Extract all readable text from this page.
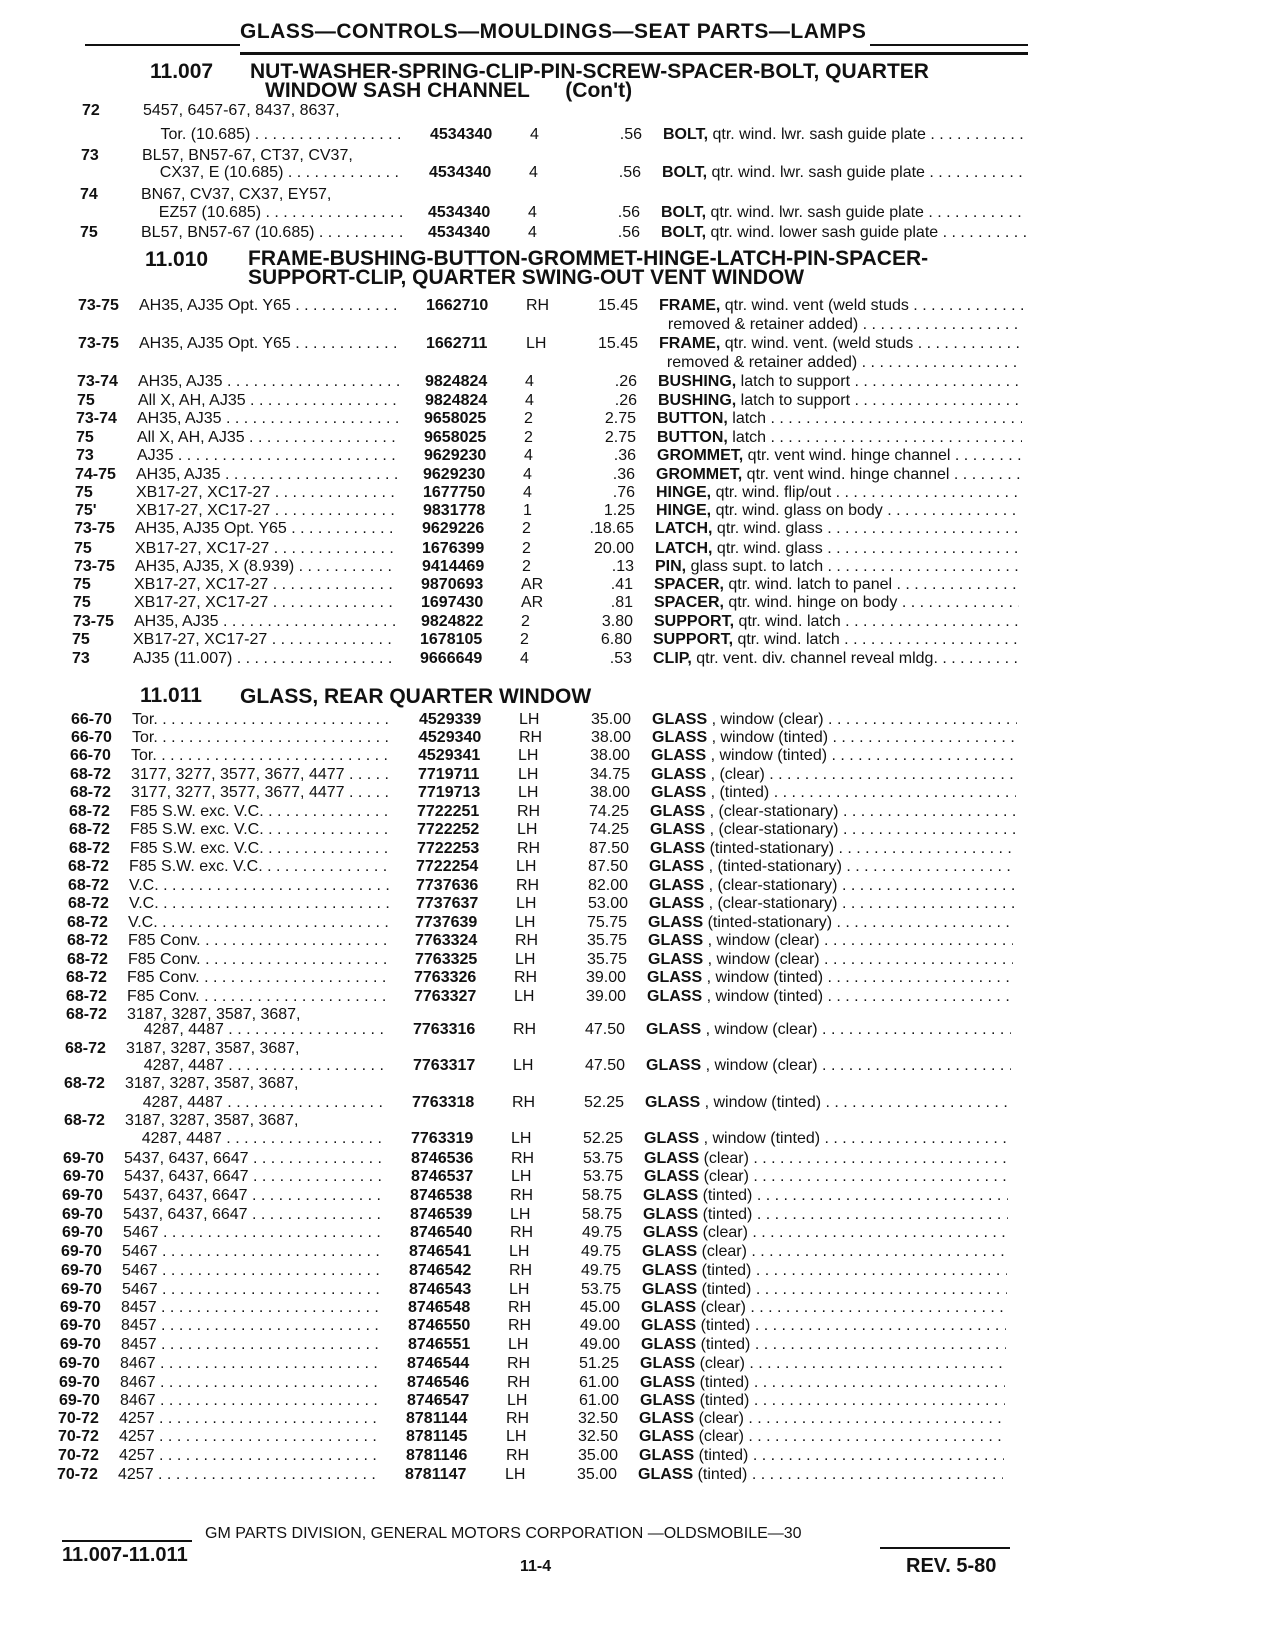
GLASS—CONTROLS—MOULDINGS—SEAT PARTS—LAMPS
11.007 NUT-WASHER-SPRING-CLIP-PIN-SCREW-SPACER-BOLT, QUARTER
WINDOW SASH CHANNEL (Con't)
11.010 FRAME-BUSHING-BUTTON-GROMMET-HINGE-LATCH-PIN-SPACER-
SUPPORT-CLIP, QUARTER SWING-OUT VENT WINDOW
11.011 GLASS, REAR QUARTER WINDOW
72	5457, 6457-67, 8437, 8637,
Tor. (10.685) . . .	4534340	4	.56 BOLT, qtr. wind. lwr. sash guide plate . . .
73	BL57, BN57-67, CT37, CV37,
CX37, E (10.685) . . .	4534340	4	.56 BOLT, qtr. wind. lwr. sash guide plate . . .
74	BN67, CV37, CX37, EY57,
EZ57 (10.685) . . .	4534340	4	.56 BOLT, qtr. wind. lwr. sash guide plate . . .
75	BL57, BN57-67 (10.685) . . .	4534340	4	.56 BOLT, qtr. wind. lower sash guide plate . . .
73-75	AH35, AJ35 Opt. Y65 . . .	1662710	RH	15.45 FRAME, qtr. wind. vent (weld studs . . .
removed & retainer added) . . .
73-75	AH35, AJ35 Opt. Y65 . . .	1662711	LH	15.45 FRAME, qtr. wind. vent. (weld studs . . .
removed & retainer added) . . .
73-74	AH35, AJ35 . . .	9824824	4	.26 BUSHING, latch to support . . .
75	All X, AH, AJ35 . . .	9824824	4	.26 BUSHING, latch to support . . .
73-74	AH35, AJ35 . . .	9658025	2	2.75 BUTTON, latch . . .
75	All X, AH, AJ35 . . .	9658025	2	2.75 BUTTON, latch . . .
73	AJ35 . . .	9629230	4	.36 GROMMET, qtr. vent wind. hinge channel . . .
74-75	AH35, AJ35 . . .	9629230	4	.36 GROMMET, qtr. vent wind. hinge channel . . .
75	XB17-27, XC17-27 . . .	1677750	4	.76 HINGE, qtr. wind. flip/out . . .
75'	XB17-27, XC17-27 . . .	9831778	1	1.25 HINGE, qtr. wind. glass on body . . .
73-75	AH35, AJ35 Opt. Y65 . . .	9629226	2	.18.65 LATCH, qtr. wind. glass . . .
75	XB17-27, XC17-27 . . .	1676399	2	20.00 LATCH, qtr. wind. glass . . .
73-75	AH35, AJ35, X (8.939) . . .	9414469	2	.13 PIN, glass supt. to latch . . .
75	XB17-27, XC17-27 . . .	9870693	AR	.41 SPACER, qtr. wind. latch to panel . . .
75	XB17-27, XC17-27 . . .	1697430	AR	.81 SPACER, qtr. wind. hinge on body . . .
73-75	AH35, AJ35 . . .	9824822	2	3.80 SUPPORT, qtr. wind. latch . . .
75	XB17-27, XC17-27 . . .	1678105	2	6.80 SUPPORT, qtr. wind. latch . . .
73	AJ35 (11.007) . . .	9666649	4	.53 CLIP, qtr. vent. div. channel reveal mldg. . . .
66-70	Tor. . . .	4529339	LH	35.00 GLASS , window (clear) . . .
66-70	Tor. . . .	4529340	RH	38.00 GLASS , window (tinted) . . .
66-70	Tor. . . .	4529341	LH	38.00 GLASS , window (tinted) . . .
68-72	3177, 3277, 3577, 3677, 4477 . . .	7719711	LH	34.75 GLASS , (clear) . . .
68-72	3177, 3277, 3577, 3677, 4477 . . .	7719713	LH	38.00 GLASS , (tinted) . . .
68-72	F85 S.W. exc. V.C. . . .	7722251	RH	74.25 GLASS , (clear-stationary) . . .
68-72	F85 S.W. exc. V.C. . . .	7722252	LH	74.25 GLASS , (clear-stationary) . . .
68-72	F85 S.W. exc. V.C. . . .	7722253	RH	87.50 GLASS (tinted-stationary) . . .
68-72	F85 S.W. exc. V.C. . . .	7722254	LH	87.50 GLASS , (tinted-stationary) . . .
68-72	V.C. . . .	7737636	RH	82.00 GLASS , (clear-stationary) . . .
68-72	V.C. . . .	7737637	LH	53.00 GLASS , (clear-stationary) . . .
68-72	V.C. . . .	7737639	LH	75.75 GLASS (tinted-stationary) . . .
68-72	F85 Conv. . . .	7763324	RH	35.75 GLASS , window (clear) . . .
68-72	F85 Conv. . . .	7763325	LH	35.75 GLASS , window (clear) . . .
68-72	F85 Conv. . . .	7763326	RH	39.00 GLASS , window (tinted) . . .
68-72	F85 Conv. . . .	7763327	LH	39.00 GLASS , window (tinted) . . .
68-72	3187, 3287, 3587, 3687,
4287, 4487 . . .	7763316	RH	47.50 GLASS , window (clear) . . .
68-72	3187, 3287, 3587, 3687,
4287, 4487 . . .	7763317	LH	47.50 GLASS , window (clear) . . .
68-72	3187, 3287, 3587, 3687,
4287, 4487 . . .	7763318	RH	52.25 GLASS , window (tinted) . . .
68-72	3187, 3287, 3587, 3687,
4287, 4487 . . .	7763319	LH	52.25 GLASS , window (tinted) . . .
69-70	5437, 6437, 6647 . . .	8746536	RH	53.75 GLASS (clear) . . .
69-70	5437, 6437, 6647 . . .	8746537	LH	53.75 GLASS (clear) . . .
69-70	5437, 6437, 6647 . . .	8746538	RH	58.75 GLASS (tinted) . . .
69-70	5437, 6437, 6647 . . .	8746539	LH	58.75 GLASS (tinted) . . .
69-70	5467 . . .	8746540	RH	49.75 GLASS (clear) . . .
69-70	5467 . . .	8746541	LH	49.75 GLASS (clear) . . .
69-70	5467 . . .	8746542	RH	49.75 GLASS (tinted) . . .
69-70	5467 . . .	8746543	LH	53.75 GLASS (tinted) . . .
69-70	8457 . . .	8746548	RH	45.00 GLASS (clear) . . .
69-70	8457 . . .	8746550	RH	49.00 GLASS (tinted) . . .
69-70	8457 . . .	8746551	LH	49.00 GLASS (tinted) . . .
69-70	8467 . . .	8746544	RH	51.25 GLASS (clear) . . .
69-70	8467 . . .	8746546	RH	61.00 GLASS (tinted) . . .
69-70	8467 . . .	8746547	LH	61.00 GLASS (tinted) . . .
70-72	4257 . . .	8781144	RH	32.50 GLASS (clear) . . .
70-72	4257 . . .	8781145	LH	32.50 GLASS (clear) . . .
70-72	4257 . . .	8781146	RH	35.00 GLASS (tinted) . . .
70-72	4257 . . .	8781147	LH	35.00 GLASS (tinted) . . .
GM PARTS DIVISION, GENERAL MOTORS CORPORATION —OLDSMOBILE—30
11.007-11.011
11-4	REV. 5-80
